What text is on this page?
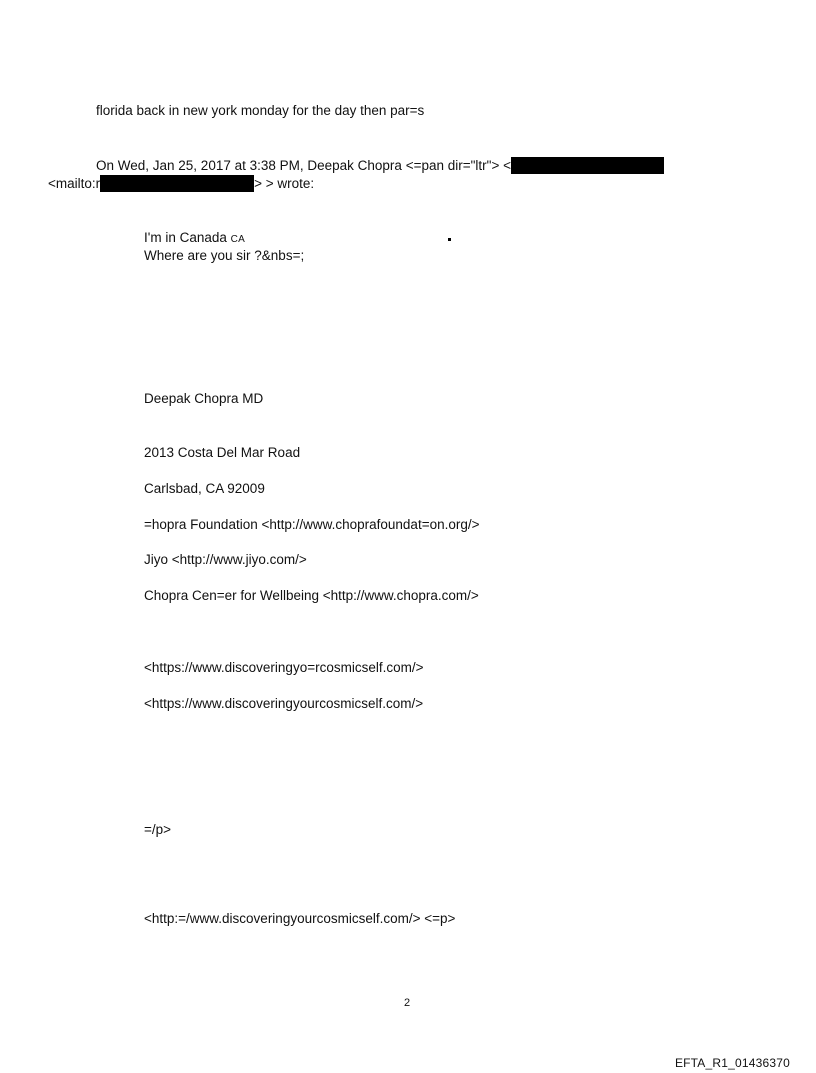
florida back in new york monday for the day then par=s
On Wed, Jan 25, 2017 at 3:38 PM, Deepak Chopra <=pan dir="ltr"> <
<mailto:r	> > wrote:
I'm in Canada CA
Where are you sir ?&nbs=;
Deepak Chopra MD
2013 Costa Del Mar Road
Carlsbad, CA 92009
=hopra Foundation <http://www.choprafoundat=on.org/>
Jiyo <http://www.jiyo.com/>
Chopra Cen=er for Wellbeing <http://www.chopra.com/>
<https://www.discoveringyo=rcosmicself.com/>
<https://www.discoveringyourcosmicself.com/>
=/p>
<http:=/www.discoveringyourcosmicself.com/> <=p>
2
EFTA_R1_01436370
